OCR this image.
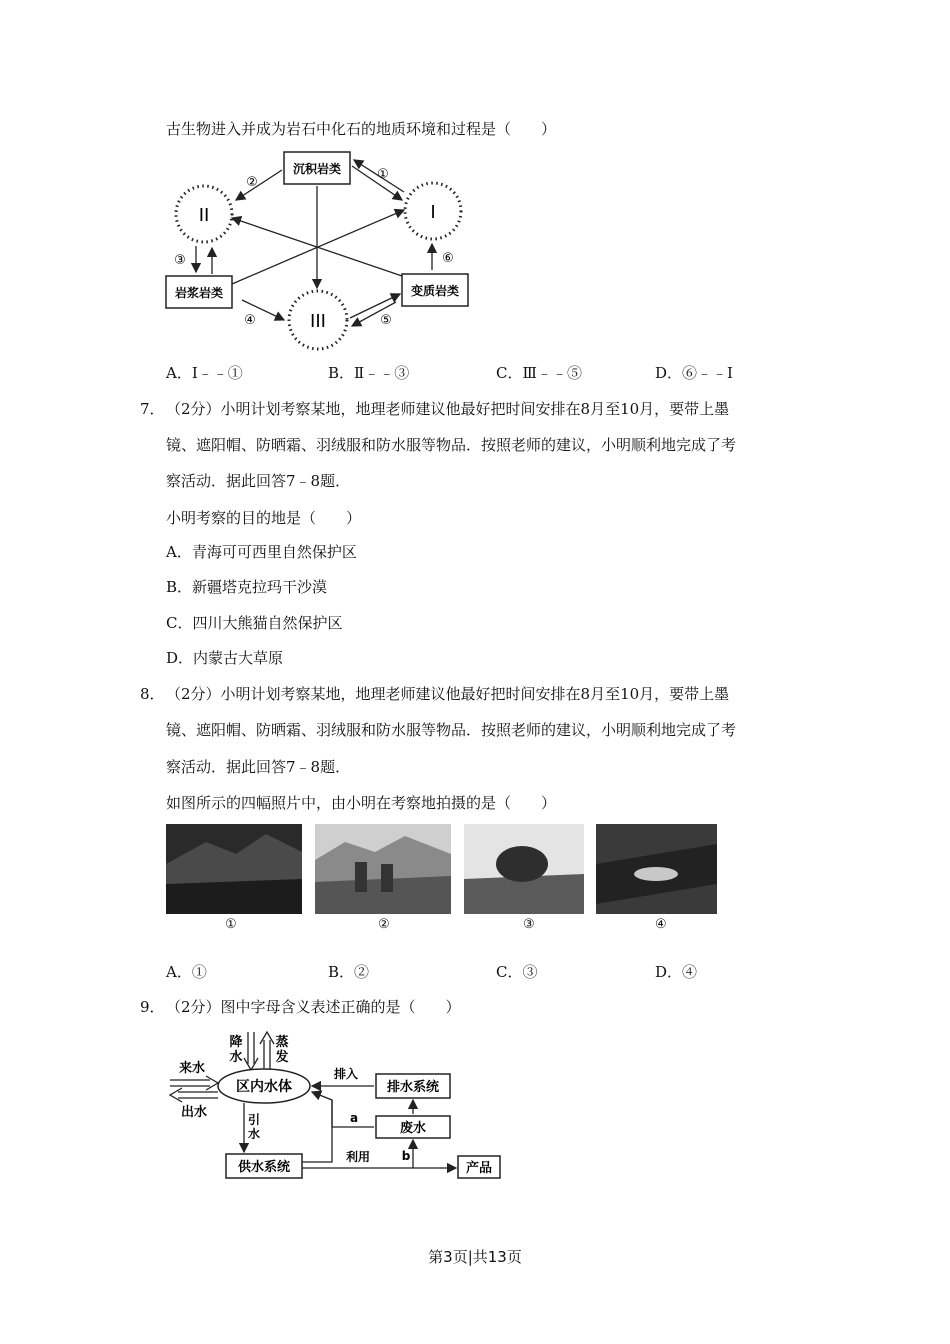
古生物进入并成为岩石中化石的地质环境和过程是（　　）
沉积岩类
岩浆岩类	变质岩类
I
II
III
①
②
③
④	⑤
⑥
A．I﹣﹣①	B．Ⅱ﹣﹣③	C．Ⅲ﹣﹣⑤	D．⑥﹣﹣I
7． （2分）小明计划考察某地，地理老师建议他最好把时间安排在8月至10月，要带上墨
镜、遮阳帽、防晒霜、羽绒服和防水服等物品．按照老师的建议，小明顺利地完成了考
察活动．据此回答7﹣8题．
小明考察的目的地是（　　）
A．青海可可西里自然保护区
B．新疆塔克拉玛干沙漠
C．四川大熊猫自然保护区
D．内蒙古大草原
8． （2分）小明计划考察某地，地理老师建议他最好把时间安排在8月至10月，要带上墨
镜、遮阳帽、防晒霜、羽绒服和防水服等物品．按照老师的建议，小明顺利地完成了考
察活动．据此回答7﹣8题．
如图所示的四幅照片中，由小明在考察地拍摄的是（　　）
①	②	③	④
A．①	B．②	C．③	D．④
9． （2分）图中字母含义表述正确的是（　　）
降
水
蒸
发
来水
出水
区内水体	排水系统
排入
废水
a
引
水
供水系统
利用	b
产品
第3页|共13页
